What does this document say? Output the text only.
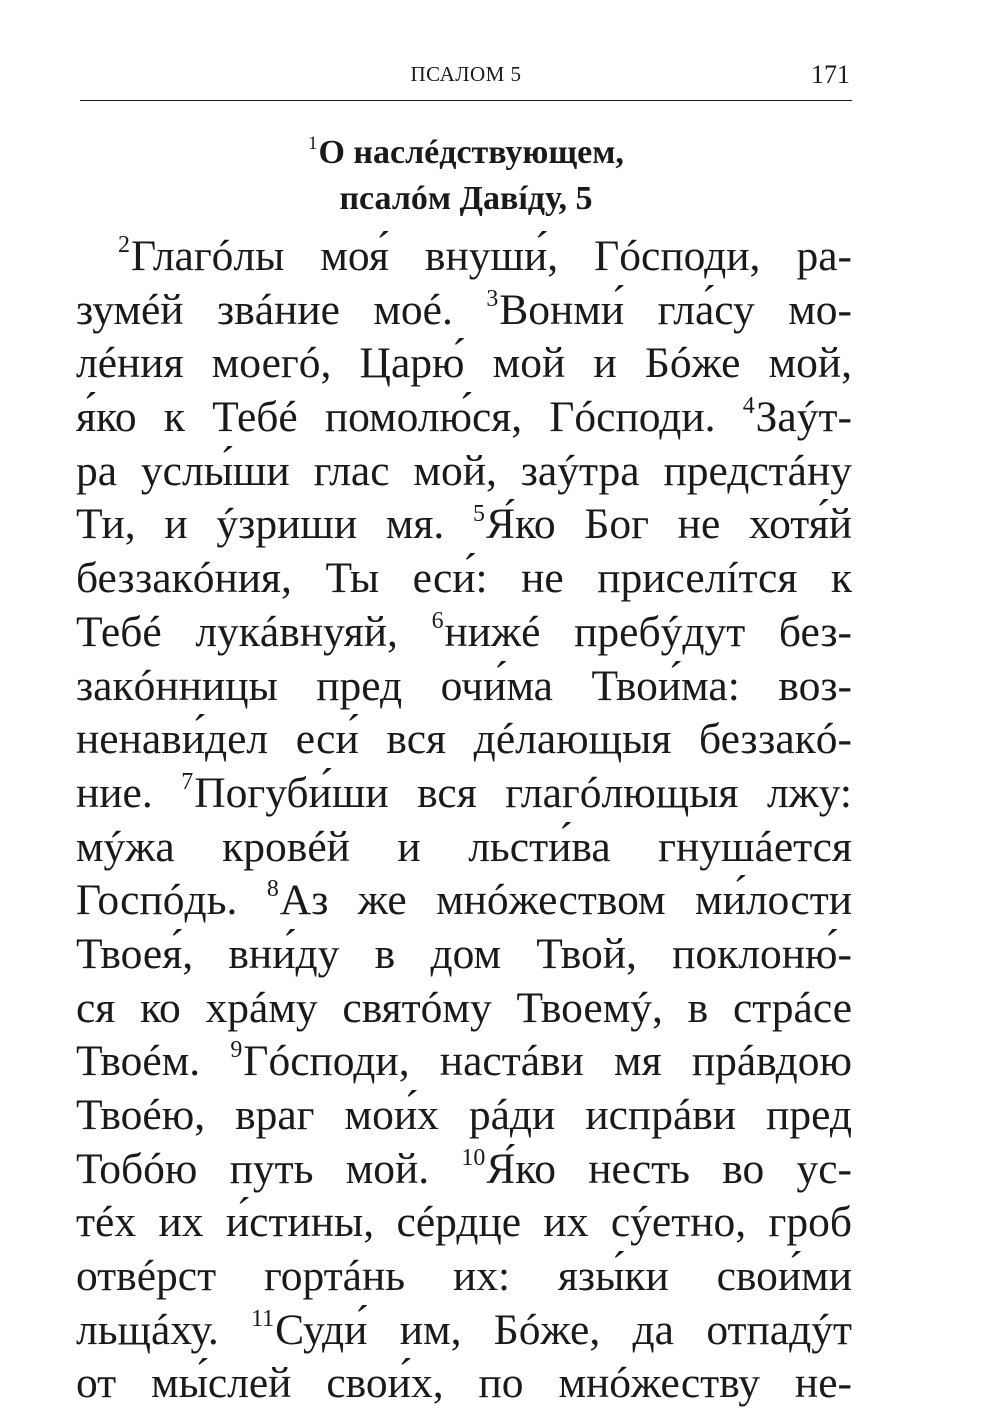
ПСАЛОМ 5	171
$^1$О наслéдствующем,
псалóм Давíду, 5
$^2$Глагóлы моя́ внуши́, Гóсподи, ра-
зумéй звáние моé. $^3$Вонми́ гла́су мо-
лéния моегó, Царю́ мой и Бóже мой,
я́ко к Тебé помолю́ся, Гóсподи. $^4$Заýт-
ра услы́ши глас мой, заýтра предстáну
Ти, и ýзриши мя. $^5$Я́ко Бог не хотя́й
беззакóния, Ты еси́: не приселíтся к
Тебé лукáвнуяй, $^6$нижé пребýдут без-
закóнницы пред очи́ма Твои́ма: воз-
ненави́дел еси́ вся дéлающыя беззакó-
ние. $^7$Погуби́ши вся глагóлющыя лжу:
мýжа кровéй и льсти́ва гнушáется
Госпóдь. $^8$Аз же мнóжеством ми́лости
Твоея́, вни́ду в дом Твой, поклоню́-
ся ко хрáму святóму Твоемý, в стрáсе
Твоéм. $^9$Гóсподи, настáви мя прáвдою
Твоéю, враг мои́х рáди испрáви пред
Тобóю путь мой. $^{10}$Я́ко несть во ус-
тéх их и́стины, сéрдце их сýетно, гроб
отвéрст гортáнь их: язы́ки свои́ми
льщáху. $^{11}$Суди́ им, Бóже, да отпадýт
от мы́слей свои́х, по мнóжеству не-
